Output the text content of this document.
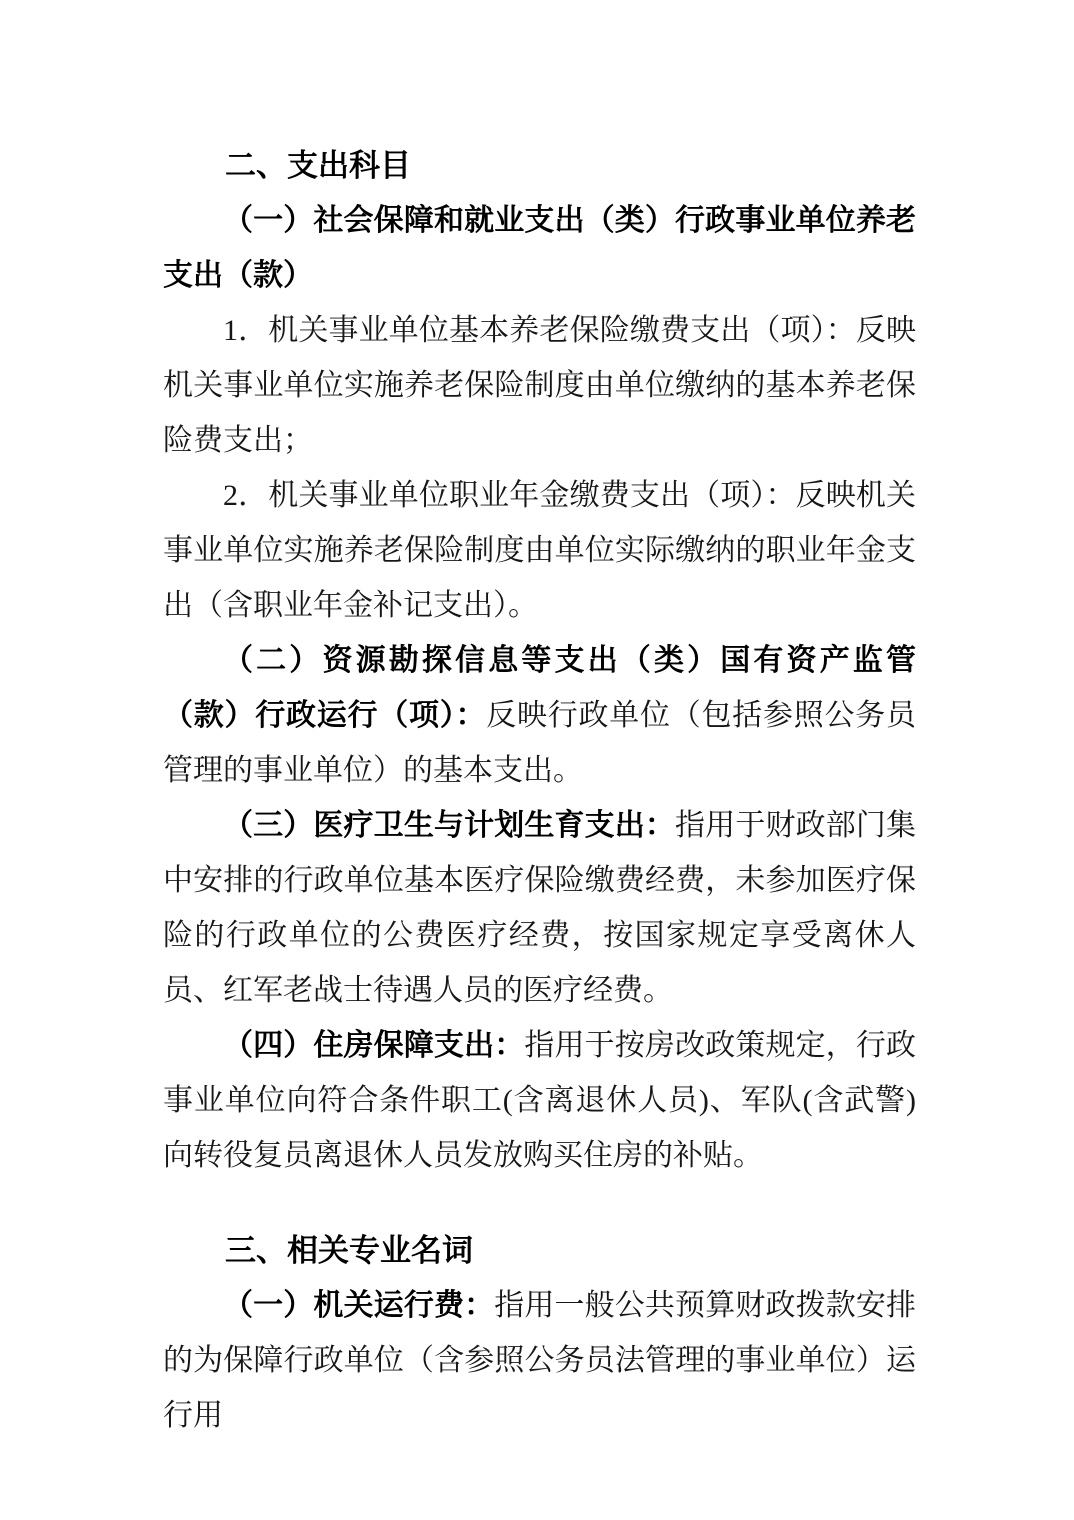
二、支出科目

（一）社会保障和就业支出（类）行政事业单位养老支出（款）

1．机关事业单位基本养老保险缴费支出（项）：反映机关事业单位实施养老保险制度由单位缴纳的基本养老保险费支出；

2．机关事业单位职业年金缴费支出（项）：反映机关事业单位实施养老保险制度由单位实际缴纳的职业年金支出（含职业年金补记支出）。

（二）资源勘探信息等支出（类）国有资产监管（款）行政运行（项）：反映行政单位（包括参照公务员管理的事业单位）的基本支出。

（三）医疗卫生与计划生育支出：指用于财政部门集中安排的行政单位基本医疗保险缴费经费，未参加医疗保险的行政单位的公费医疗经费，按国家规定享受离休人员、红军老战士待遇人员的医疗经费。

（四）住房保障支出：指用于按房改政策规定，行政事业单位向符合条件职工(含离退休人员)、军队(含武警)向转役复员离退休人员发放购买住房的补贴。

三、相关专业名词

（一）机关运行费：指用一般公共预算财政拨款安排的为保障行政单位（含参照公务员法管理的事业单位）运行用
